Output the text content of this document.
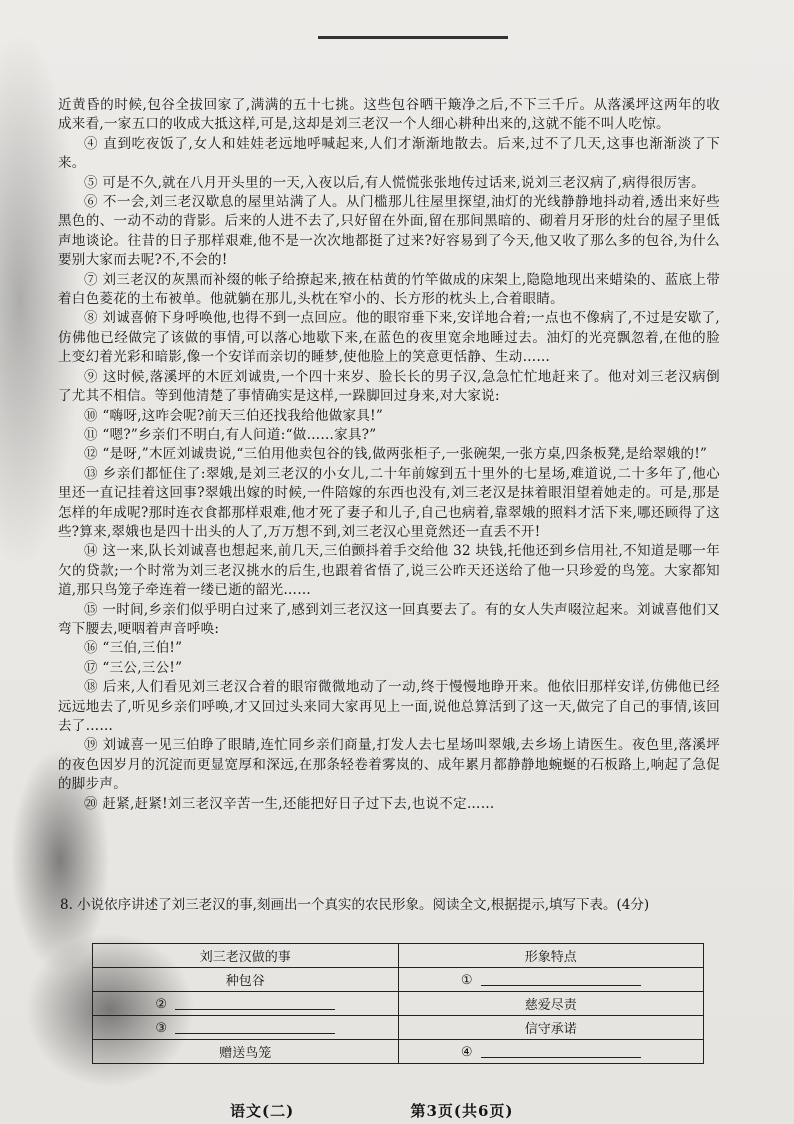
近黄昏的时候,包谷全拔回家了,满满的五十七挑。这些包谷晒干簸净之后,不下三千斤。从落溪坪这两年的收成来看,一家五口的收成大抵这样,可是,这却是刘三老汉一个人细心耕种出来的,这就不能不叫人吃惊。

④ 直到吃夜饭了,女人和娃娃老远地呼喊起来,人们才渐渐地散去。后来,过不了几天,这事也渐渐淡了下来。

⑤ 可是不久,就在八月开头里的一天,入夜以后,有人慌慌张张地传过话来,说刘三老汉病了,病得很厉害。

⑥ 不一会,刘三老汉歇息的屋里站满了人。从门槛那儿往屋里探望,油灯的光线静静地抖动着,透出来好些黑色的、一动不动的背影。后来的人进不去了,只好留在外面,留在那间黑暗的、砌着月牙形的灶台的屋子里低声地谈论。往昔的日子那样艰难,他不是一次次地都挺了过来?好容易到了今天,他又收了那么多的包谷,为什么要别大家而去呢?不,不会的!

⑦ 刘三老汉的灰黑而补缀的帐子给撩起来,掖在枯黄的竹竿做成的床架上,隐隐地现出来蜡染的、蓝底上带着白色菱花的土布被单。他就躺在那儿,头枕在窄小的、长方形的枕头上,合着眼睛。

⑧ 刘诚喜俯下身呼唤他,也得不到一点回应。他的眼帘垂下来,安详地合着;一点也不像病了,不过是安歇了,仿佛他已经做完了该做的事情,可以落心地歇下来,在蓝色的夜里宽余地睡过去。油灯的光亮飘忽着,在他的脸上变幻着光彩和暗影,像一个安详而亲切的睡梦,使他脸上的笑意更恬静、生动……

⑨ 这时候,落溪坪的木匠刘诚贵,一个四十来岁、脸长长的男子汉,急急忙忙地赶来了。他对刘三老汉病倒了尤其不相信。等到他清楚了事情确实是这样,一跺脚回过身来,对大家说:

⑩ “嗨呀,这咋会呢?前天三伯还找我给他做家具!”

⑪ “嗯?”乡亲们不明白,有人问道:“做……家具?”

⑫ “是呀,”木匠刘诚贵说,“三伯用他卖包谷的钱,做两张柜子,一张碗架,一张方桌,四条板凳,是给翠娥的!”

⑬ 乡亲们都怔住了:翠娥,是刘三老汉的小女儿,二十年前嫁到五十里外的七星场,难道说,二十多年了,他心里还一直记挂着这回事?翠娥出嫁的时候,一件陪嫁的东西也没有,刘三老汉是抹着眼泪望着她走的。可是,那是怎样的年成呢?那时连衣食都那样艰难,他才死了妻子和儿子,自己也病着,靠翠娥的照料才活下来,哪还顾得了这些?算来,翠娥也是四十出头的人了,万万想不到,刘三老汉心里竟然还一直丢不开!

⑭ 这一来,队长刘诚喜也想起来,前几天,三伯颤抖着手交给他 32 块钱,托他还到乡信用社,不知道是哪一年欠的贷款;一个时常为刘三老汉挑水的后生,也跟着省悟了,说三公昨天还送给了他一只珍爱的鸟笼。大家都知道,那只鸟笼子牵连着一缕已逝的韶光……

⑮ 一时间,乡亲们似乎明白过来了,感到刘三老汉这一回真要去了。有的女人失声啜泣起来。刘诚喜他们又弯下腰去,哽咽着声音呼唤:

⑯ “三伯,三伯!”

⑰ “三公,三公!”

⑱ 后来,人们看见刘三老汉合着的眼帘微微地动了一动,终于慢慢地睁开来。他依旧那样安详,仿佛他已经远远地去了,听见乡亲们呼唤,才又回过头来同大家再见上一面,说他总算活到了这一天,做完了自己的事情,该回去了……

⑲ 刘诚喜一见三伯睁了眼睛,连忙同乡亲们商量,打发人去七星场叫翠娥,去乡场上请医生。夜色里,落溪坪的夜色因岁月的沉淀而更显宽厚和深远,在那条轻卷着雾岚的、成年累月都静静地蜿蜒的石板路上,响起了急促的脚步声。

⑳ 赶紧,赶紧!刘三老汉辛苦一生,还能把好日子过下去,也说不定……

8. 小说依序讲述了刘三老汉的事,刻画出一个真实的农民形象。阅读全文,根据提示,填写下表。(4分)
刘三老汉做的事	形象特点
种包谷	①
②	慈爱尽责
③	信守承诺
赠送鸟笼	④
语文(二)	第3页(共6页)
